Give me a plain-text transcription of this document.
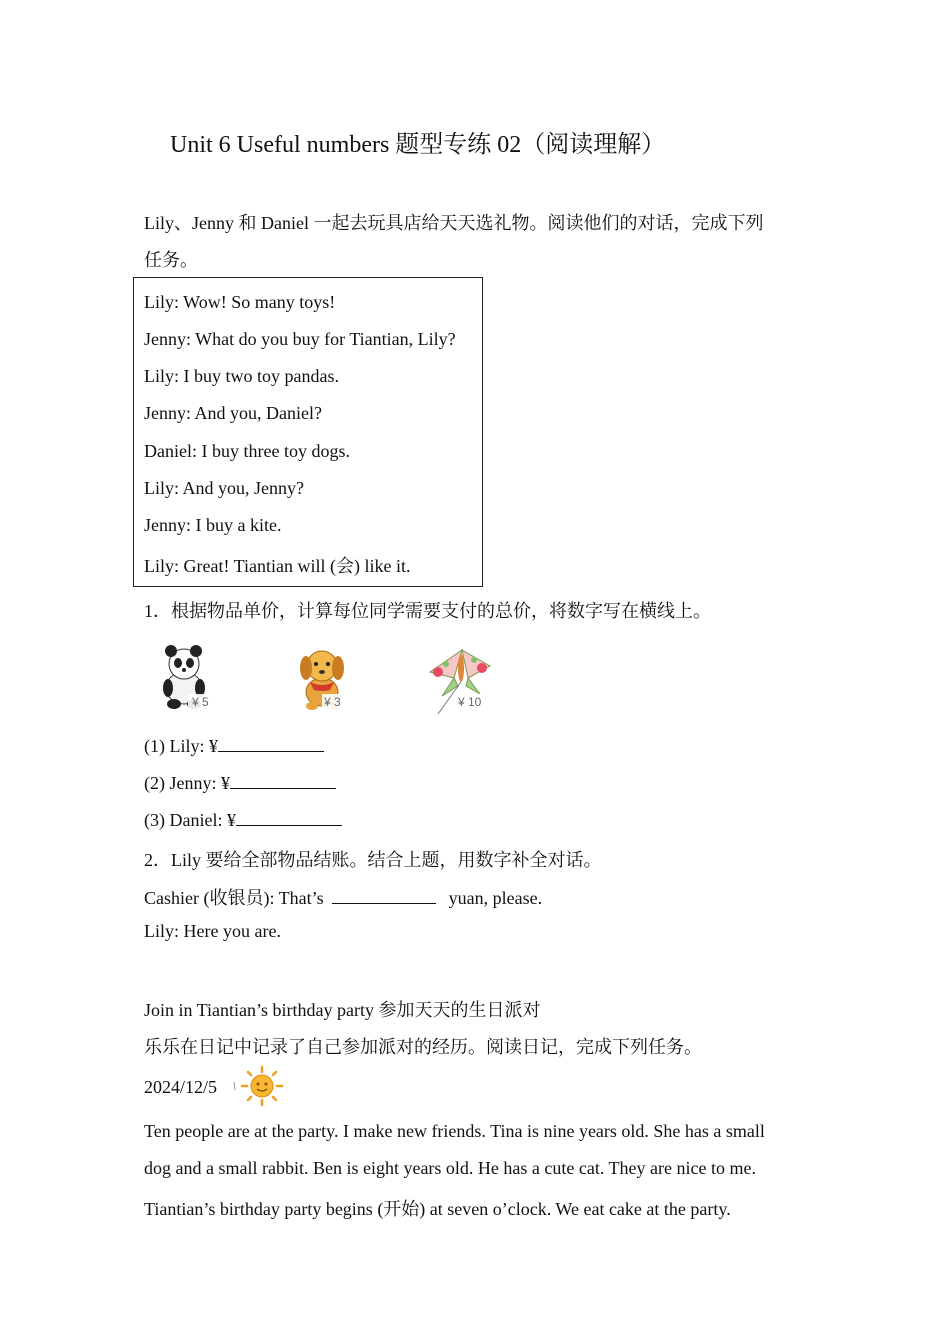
Unit 6 Useful numbers 题型专练 02（阅读理解）
Lily、Jenny 和 Daniel 一起去玩具店给天天选礼物。阅读他们的对话，完成下列
任务。
Lily: Wow! So many toys!
Jenny: What do you buy for Tiantian, Lily?
Lily: I buy two toy pandas.
Jenny: And you, Daniel?
Daniel: I buy three toy dogs.
Lily: And you, Jenny?
Jenny: I buy a kite.
Lily: Great! Tiantian will (会) like it.
1．根据物品单价，计算每位同学需要支付的总价，将数字写在横线上。
¥ 5	¥ 3	¥ 10
(1) Lily: ¥
(2) Jenny: ¥
(3) Daniel: ¥
2．Lily 要给全部物品结账。结合上题，用数字补全对话。
Cashier (收银员): That’s	yuan, please.
Lily: Here you are.
Join in Tiantian’s birthday party 参加天天的生日派对
乐乐在日记中记录了自己参加派对的经历。阅读日记，完成下列任务。
2024/12/5
Ten people are at the party. I make new friends. Tina is nine years old. She has a small
dog and a small rabbit. Ben is eight years old. He has a cute cat. They are nice to me.
Tiantian’s birthday party begins (开始) at seven o’clock. We eat cake at the party.
